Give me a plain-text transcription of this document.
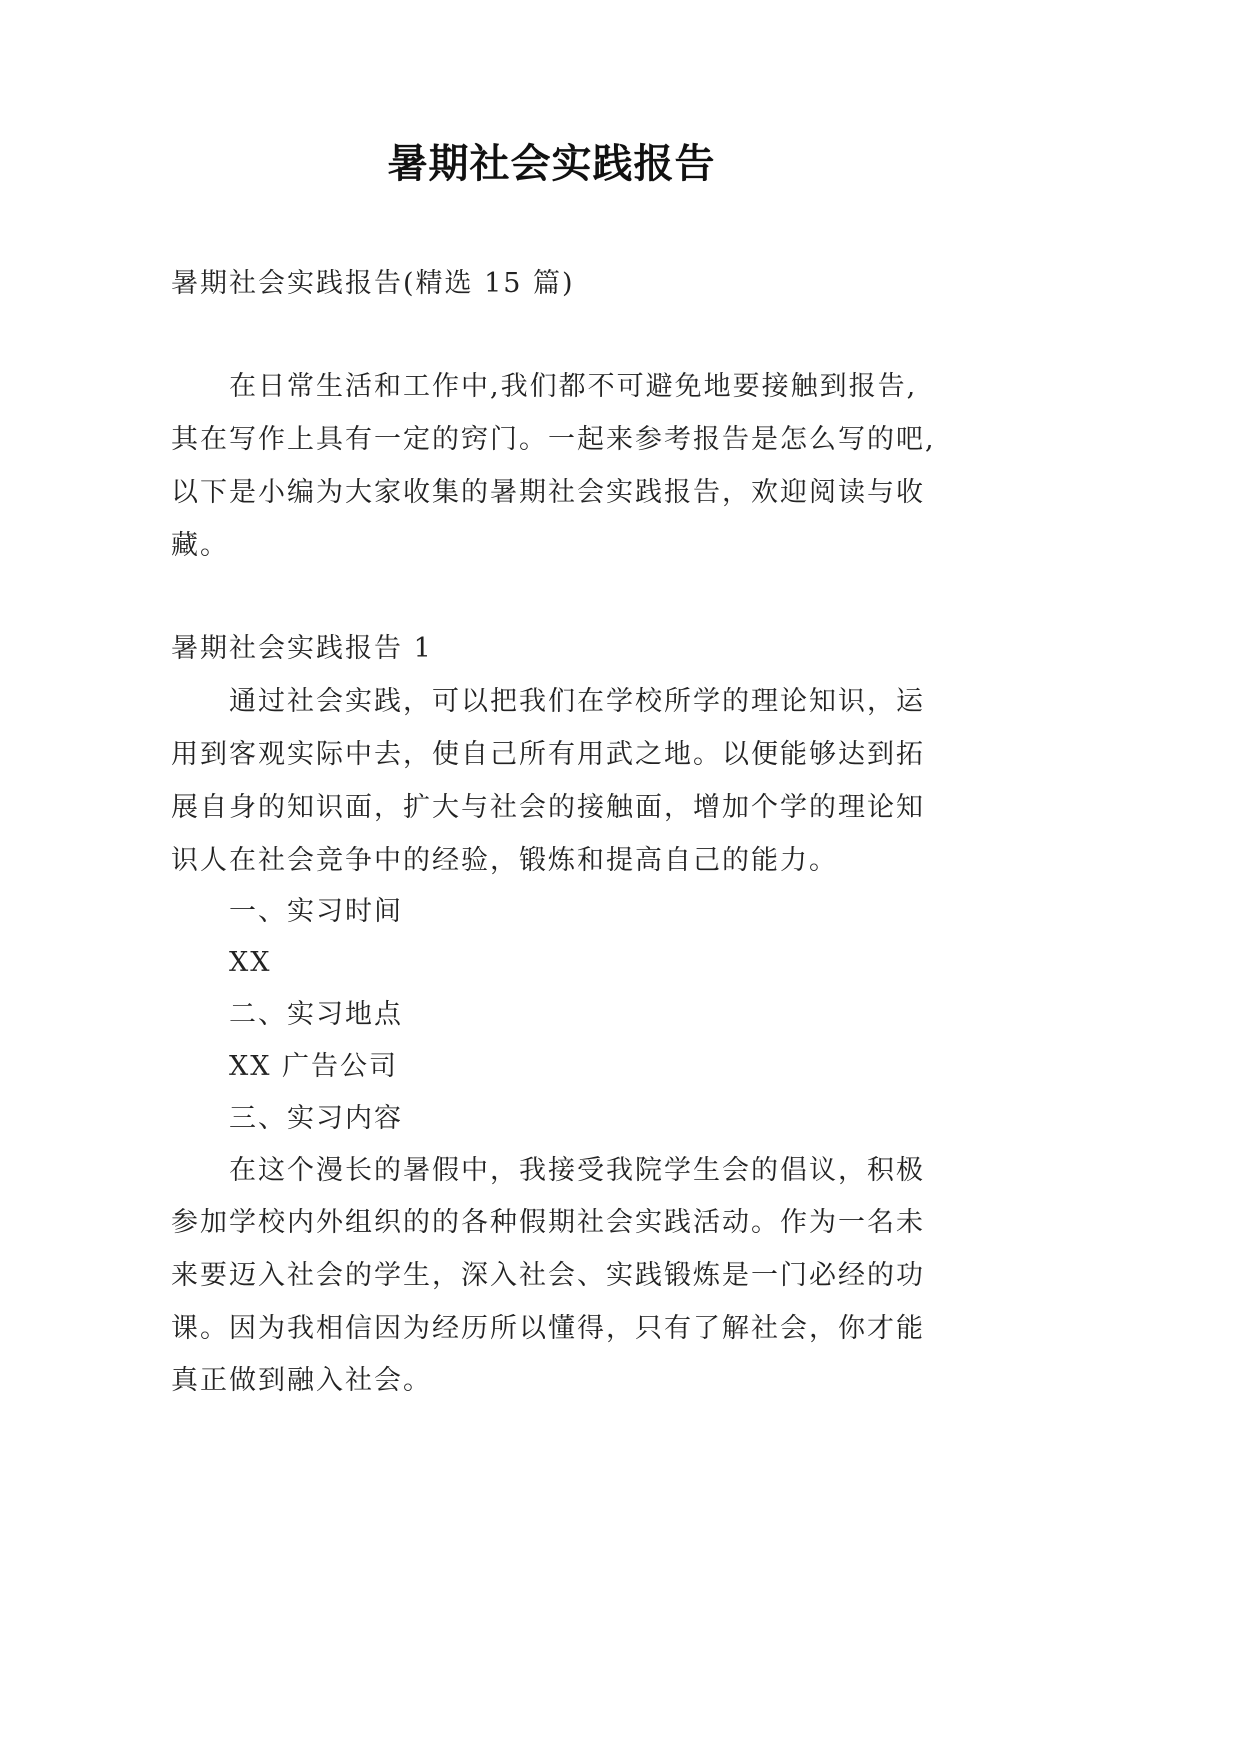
暑期社会实践报告
暑期社会实践报告(精选 15 篇)
在日常生活和工作中,我们都不可避免地要接触到报告,
其在写作上具有一定的窍门。一起来参考报告是怎么写的吧,
以下是小编为大家收集的暑期社会实践报告，欢迎阅读与收
藏。
暑期社会实践报告 1
通过社会实践，可以把我们在学校所学的理论知识，运
用到客观实际中去，使自己所有用武之地。以便能够达到拓
展自身的知识面，扩大与社会的接触面，增加个学的理论知
识人在社会竞争中的经验，锻炼和提高自己的能力。
一、实习时间
XX
二、实习地点
XX 广告公司
三、实习内容
在这个漫长的暑假中，我接受我院学生会的倡议，积极
参加学校内外组织的的各种假期社会实践活动。作为一名未
来要迈入社会的学生，深入社会、实践锻炼是一门必经的功
课。因为我相信因为经历所以懂得，只有了解社会，你才能
真正做到融入社会。
